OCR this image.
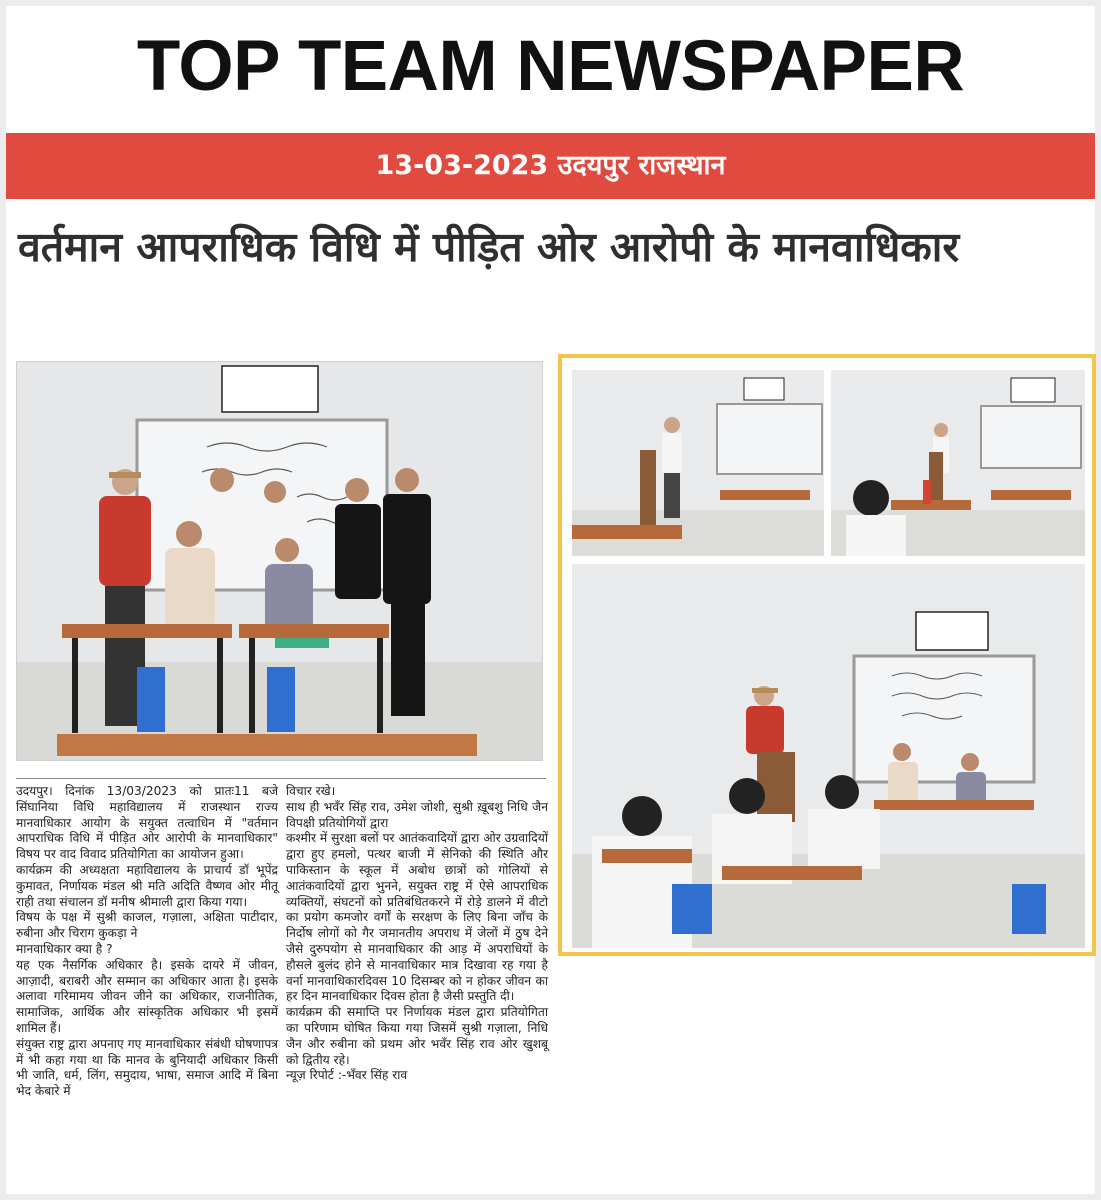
TOP TEAM NEWSPAPER
13-03-2023 उदयपुर राजस्थान
वर्तमान आपराधिक विधि में पीड़ित ओर आरोपी के मानवाधिकार

उदयपुर। दिनांक 13/03/2023 को प्रातः11 बजे सिंघानिया विधि महाविद्यालय में राजस्थान राज्य मानवाधिकार आयोग के सयुक्त तत्वाधिन में "वर्तमान आपराधिक विधि में पीड़ित ओर आरोपी के मानवाधिकार" विषय पर वाद विवाद प्रतियोगिता का आयोजन हुआ।

कार्यक्रम की अध्यक्षता महाविद्यालय के प्राचार्य डॉ भूपेंद्र कुमावत, निर्णायक मंडल श्री मति अदिति वैष्णव ओर मीतू राही तथा संचालन डॉ मनीष श्रीमाली द्वारा किया गया।

विषय के पक्ष में सुश्री काजल, गज़ाला, अक्षिता पाटीदार, रुबीना और चिराग कुकड़ा ने

मानवाधिकार क्या है ?

यह एक नैसर्गिक अधिकार है। इसके दायरे में जीवन, आज़ादी, बराबरी और सम्मान का अधिकार आता है। इसके अलावा गरिमामय जीवन जीने का अधिकार, राजनीतिक, सामाजिक, आर्थिक और सांस्कृतिक अधिकार भी इसमें शामिल हैं।

संयुक्त राष्ट्र द्वारा अपनाए गए मानवाधिकार संबंधी घोषणापत्र में भी कहा गया था कि मानव के बुनियादी अधिकार किसी भी जाति, धर्म, लिंग, समुदाय, भाषा, समाज आदि में बिना भेद केबारे में

विचार रखे।

साथ ही भवँर सिंह राव, उमेश जोशी, सुश्री ख़ूबशु निधि जैन विपक्षी प्रतियोगियों द्वारा

कश्मीर में सुरक्षा बलों पर आतंकवादियों द्वारा ओर उग्रवादियों द्वारा हुए हमलो, पत्थर बाजी में सेनिको की स्थिति और पाकिस्तान के स्कूल में अबोध छात्रों को गोलियों से आतंकवादियों द्वारा भुनने, सयुक्त राष्ट्र में ऐसे आपराधिक व्यक्तियों, संघटनों को प्रतिबंधितकरने में रोड़े डालने में वीटो का प्रयोग कमजोर वर्गों के सरक्षण के लिए बिना जाँच के निर्दोष लोगों को गैर जमानतीय अपराध में जेलों में ठुष देने जैसे दुरुपयोग से मानवाधिकार की आड़ में अपराधियों के हौसले बुलंद होने से मानवाधिकार मात्र दिखावा रह गया है वर्ना मानवाधिकारदिवस 10 दिसम्बर को न होकर जीवन का हर दिन मानवाधिकार दिवस होता है जैसी प्रस्तुति दी।

कार्यक्रम की समाप्ति पर निर्णायक मंडल द्वारा प्रतियोगिता का परिणाम घोषित किया गया जिसमें सुश्री गज़ाला, निधि जैन और रुबीना को प्रथम ओर भवँर सिंह राव ओर खुशबू को द्वितीय रहे।

न्यूज़ रिपोर्ट :-भँवर सिंह राव
